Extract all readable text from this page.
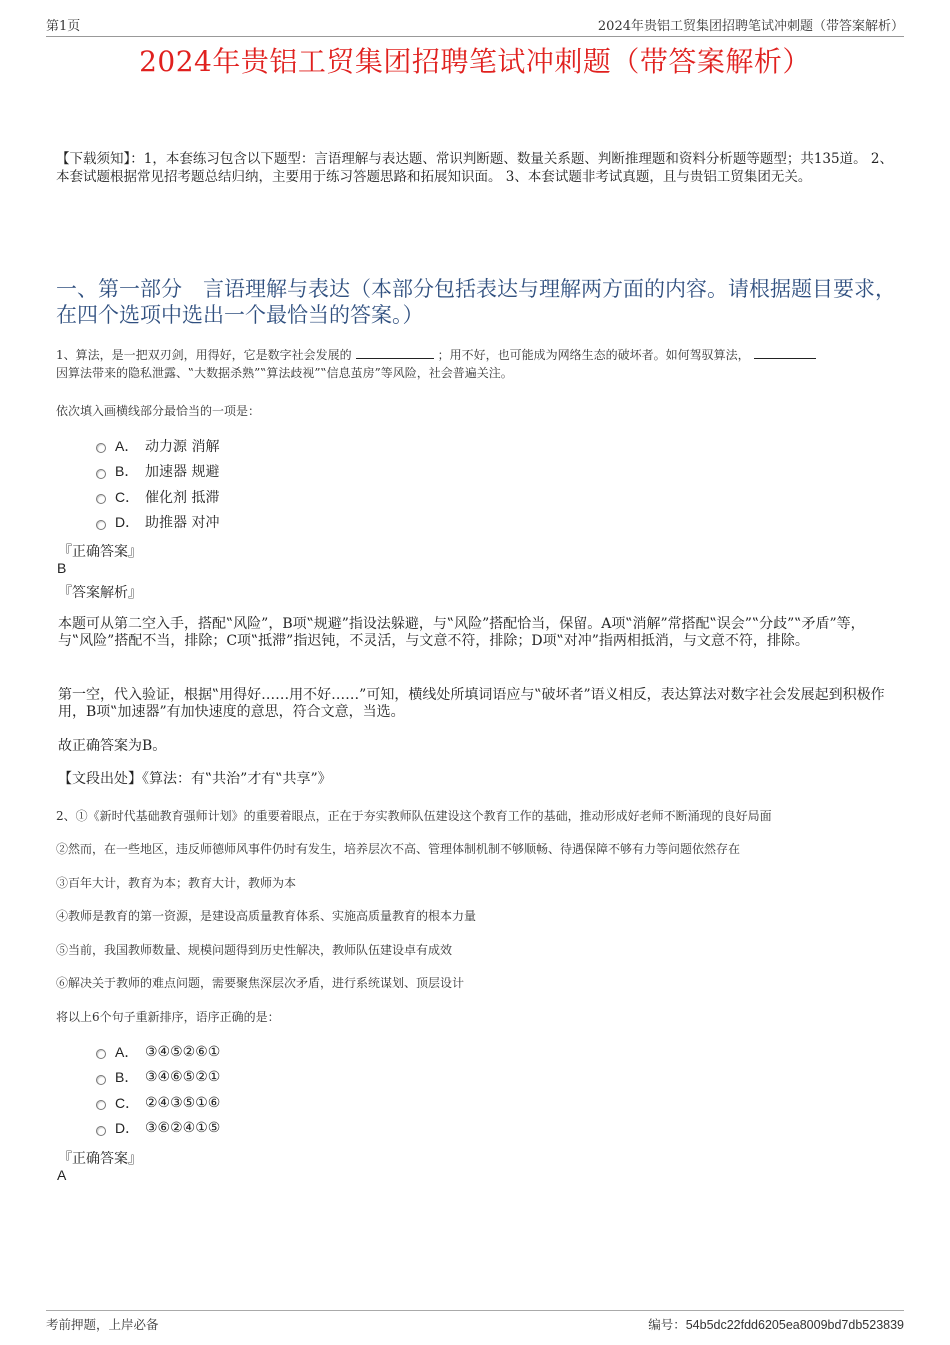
第1页	2024年贵铝工贸集团招聘笔试冲刺题（带答案解析）
2024年贵铝工贸集团招聘笔试冲刺题（带答案解析）
【下载须知】：1，本套练习包含以下题型：言语理解与表达题、常识判断题、数量关系题、判断推理题和资料分析题等题型；共135道。 2、本套试题根据常见招考题总结归纳，主要用于练习答题思路和拓展知识面。 3、本套试题非考试真题，且与贵铝工贸集团无关。
一、第一部分　言语理解与表达（本部分包括表达与理解两方面的内容。请根据题目要求，在四个选项中选出一个最恰当的答案。）
1、算法，是一把双刃剑，用得好，它是数字社会发展的	；用不好，也可能成为网络生态的破坏者。如何驾驭算法，
因算法带来的隐私泄露、‟大数据杀熟”‟算法歧视”‟信息茧房”等风险，社会普遍关注。
依次填入画横线部分最恰当的一项是：
A． 动力源 消解
B． 加速器 规避
C． 催化剂 抵滞
D． 助推器 对冲
『正确答案』
B
『答案解析』
本题可从第二空入手，搭配‟风险”，B项‟规避”指设法躲避，与‟风险”搭配恰当，保留。A项‟消解”常搭配‟误会”‟分歧”‟矛盾”等，与‟风险”搭配不当，排除；C项‟抵滞”指迟钝，不灵活，与文意不符，排除；D项‟对冲”指两相抵消，与文意不符，排除。
第一空，代入验证，根据‟用得好……用不好……”可知，横线处所填词语应与‟破坏者”语义相反，表达算法对数字社会发展起到积极作用，B项‟加速器”有加快速度的意思，符合文意，当选。
故正确答案为B。
【文段出处】《算法：有‟共治”才有‟共享”》
2、①《新时代基础教育强师计划》的重要着眼点，正在于夯实教师队伍建设这个教育工作的基础，推动形成好老师不断涌现的良好局面
②然而，在一些地区，违反师德师风事件仍时有发生，培养层次不高、管理体制机制不够顺畅、待遇保障不够有力等问题依然存在
③百年大计，教育为本；教育大计，教师为本
④教师是教育的第一资源，是建设高质量教育体系、实施高质量教育的根本力量
⑤当前，我国教师数量、规模问题得到历史性解决，教师队伍建设卓有成效
⑥解决关于教师的难点问题，需要聚焦深层次矛盾，进行系统谋划、顶层设计
将以上6个句子重新排序，语序正确的是：
A． ③④⑤②⑥①
B． ③④⑥⑤②①
C． ②④③⑤①⑥
D． ③⑥②④①⑤
『正确答案』
A
考前押题，上岸必备	编号：54b5dc22fdd6205ea8009bd7db523839
